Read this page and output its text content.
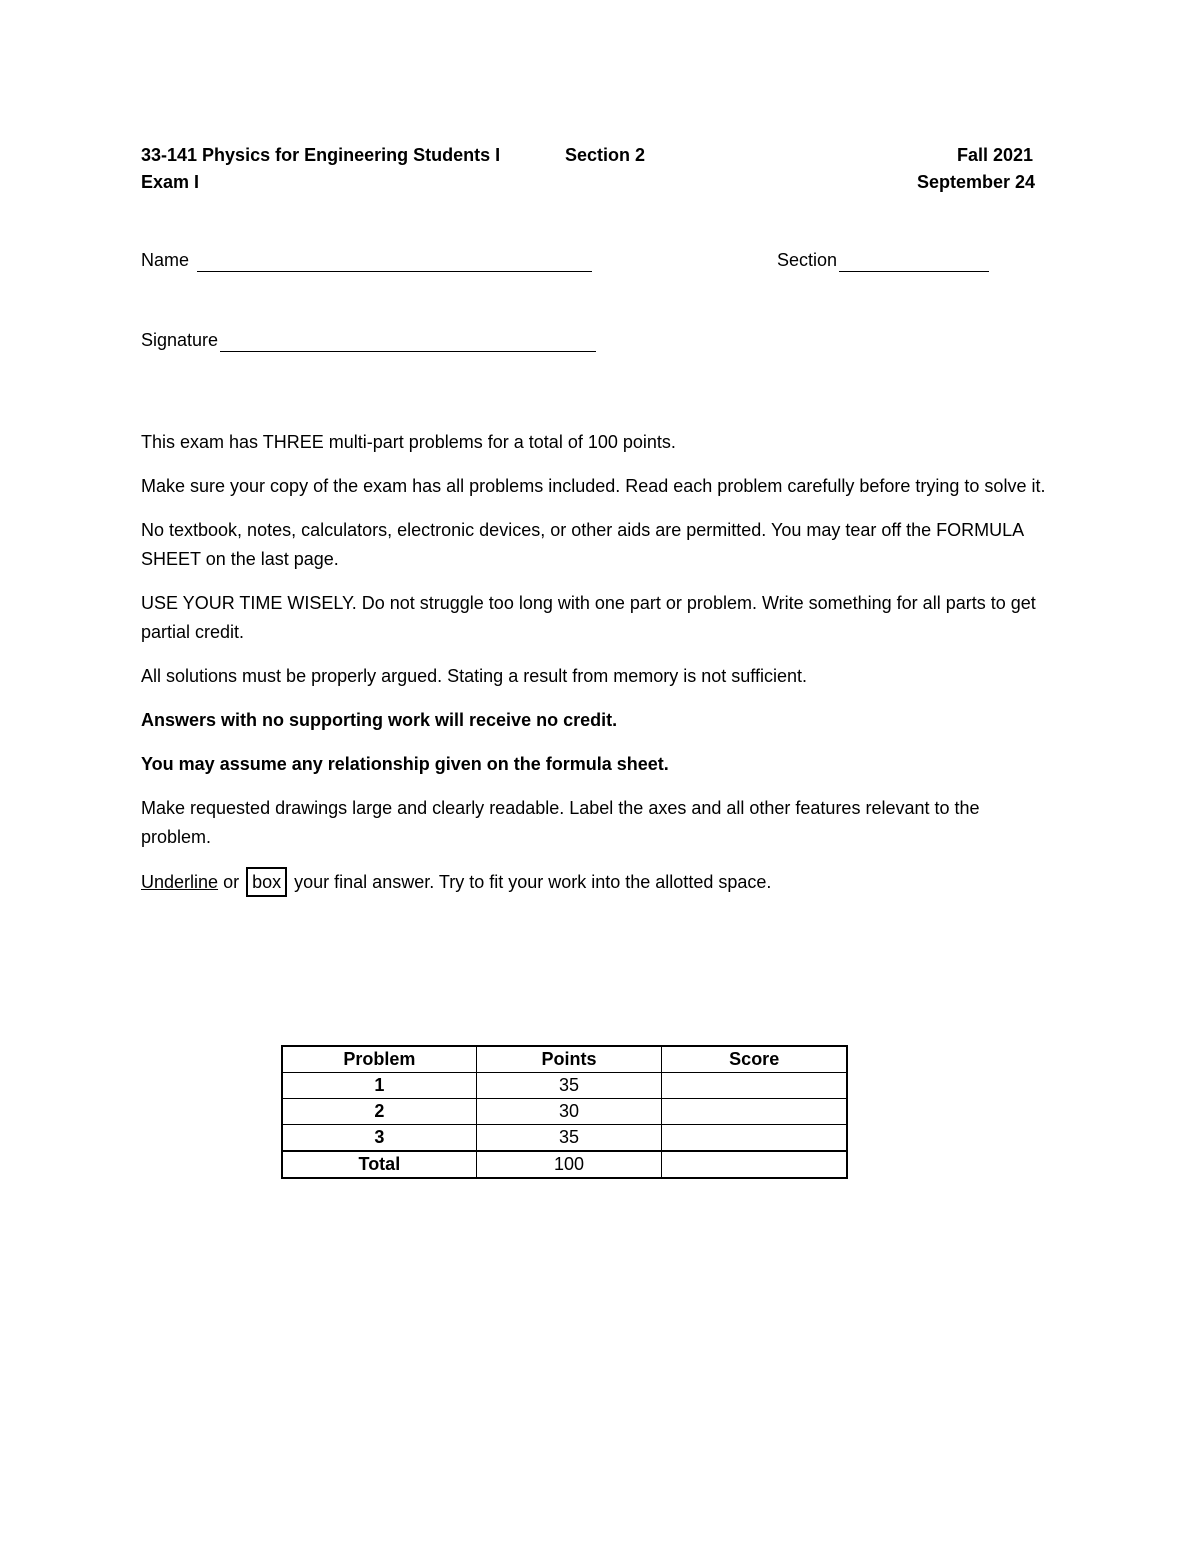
33-141 Physics for Engineering Students I	Section 2	Fall 2021
Exam I	September 24
Name	Section
Signature

This exam has THREE multi-part problems for a total of 100 points.

Make sure your copy of the exam has all problems included. Read each problem carefully before trying to solve it.

No textbook, notes, calculators, electronic devices, or other aids are permitted. You may tear off the FORMULA SHEET on the last page.

USE YOUR TIME WISELY. Do not struggle too long with one part or problem. Write something for all parts to get partial credit.

All solutions must be properly argued. Stating a result from memory is not sufficient.

Answers with no supporting work will receive no credit.

You may assume any relationship given on the formula sheet.

Make requested drawings large and clearly readable. Label the axes and all other features relevant to the problem.

Underline or box your final answer. Try to fit your work into the allotted space.

Problem	Points	Score
1	35	
2	30	
3	35	
Total	100	
